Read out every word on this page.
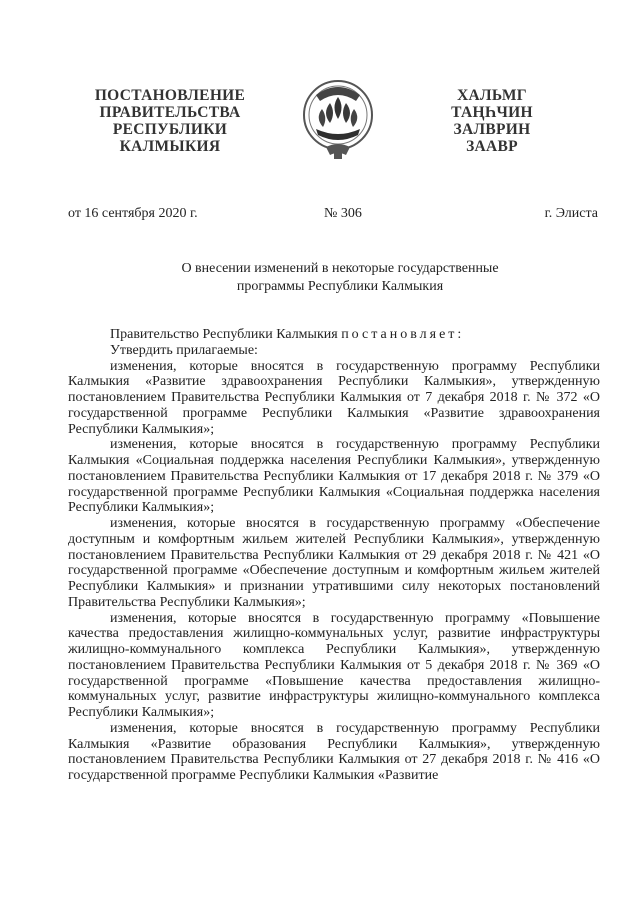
ПОСТАНОВЛЕНИЕ
ПРАВИТЕЛЬСТВА
РЕСПУБЛИКИ
КАЛМЫКИЯ
ХАЛЬМГ
ТАҢҺЧИН
ЗАЛВРИН
ЗААВР
от 16 сентября 2020 г.	№ 306	г. Элиста
О внесении изменений в некоторые государственные
программы Республики Калмыкия

Правительство Республики Калмыкия постановляет:

Утвердить прилагаемые:

изменения, которые вносятся в государственную программу Республики Калмыкия «Развитие здравоохранения Республики Калмыкия», утвержденную постановлением Правительства Республики Калмыкия от 7 декабря 2018 г. № 372 «О государственной программе Республики Калмыкия «Развитие здравоохранения Республики Калмыкия»;

изменения, которые вносятся в государственную программу Республики Калмыкия «Социальная поддержка населения Республики Калмыкия», утвержденную постановлением Правительства Республики Калмыкия от 17 декабря 2018 г. № 379 «О государственной программе Республики Калмыкия «Социальная поддержка населения Республики Калмыкия»;

изменения, которые вносятся в государственную программу «Обеспечение доступным и комфортным жильем жителей Республики Калмыкия», утвержденную постановлением Правительства Республики Калмыкия от 29 декабря 2018 г. № 421 «О государственной программе «Обеспечение доступным и комфортным жильем жителей Республики Калмыкия» и признании утратившими силу некоторых постановлений Правительства Республики Калмыкия»;

изменения, которые вносятся в государственную программу «Повышение качества предоставления жилищно-коммунальных услуг, развитие инфраструктуры жилищно-коммунального комплекса Республики Калмыкия», утвержденную постановлением Правительства Республики Калмыкия от 5 декабря 2018 г. № 369 «О государственной программе «Повышение качества предоставления жилищно-коммунальных услуг, развитие инфраструктуры жилищно-коммунального комплекса Республики Калмыкия»;

изменения, которые вносятся в государственную программу Республики Калмыкия «Развитие образования Республики Калмыкия», утвержденную постановлением Правительства Республики Калмыкия от 27 декабря 2018 г. № 416 «О государственной программе Республики Калмыкия «Развитие
